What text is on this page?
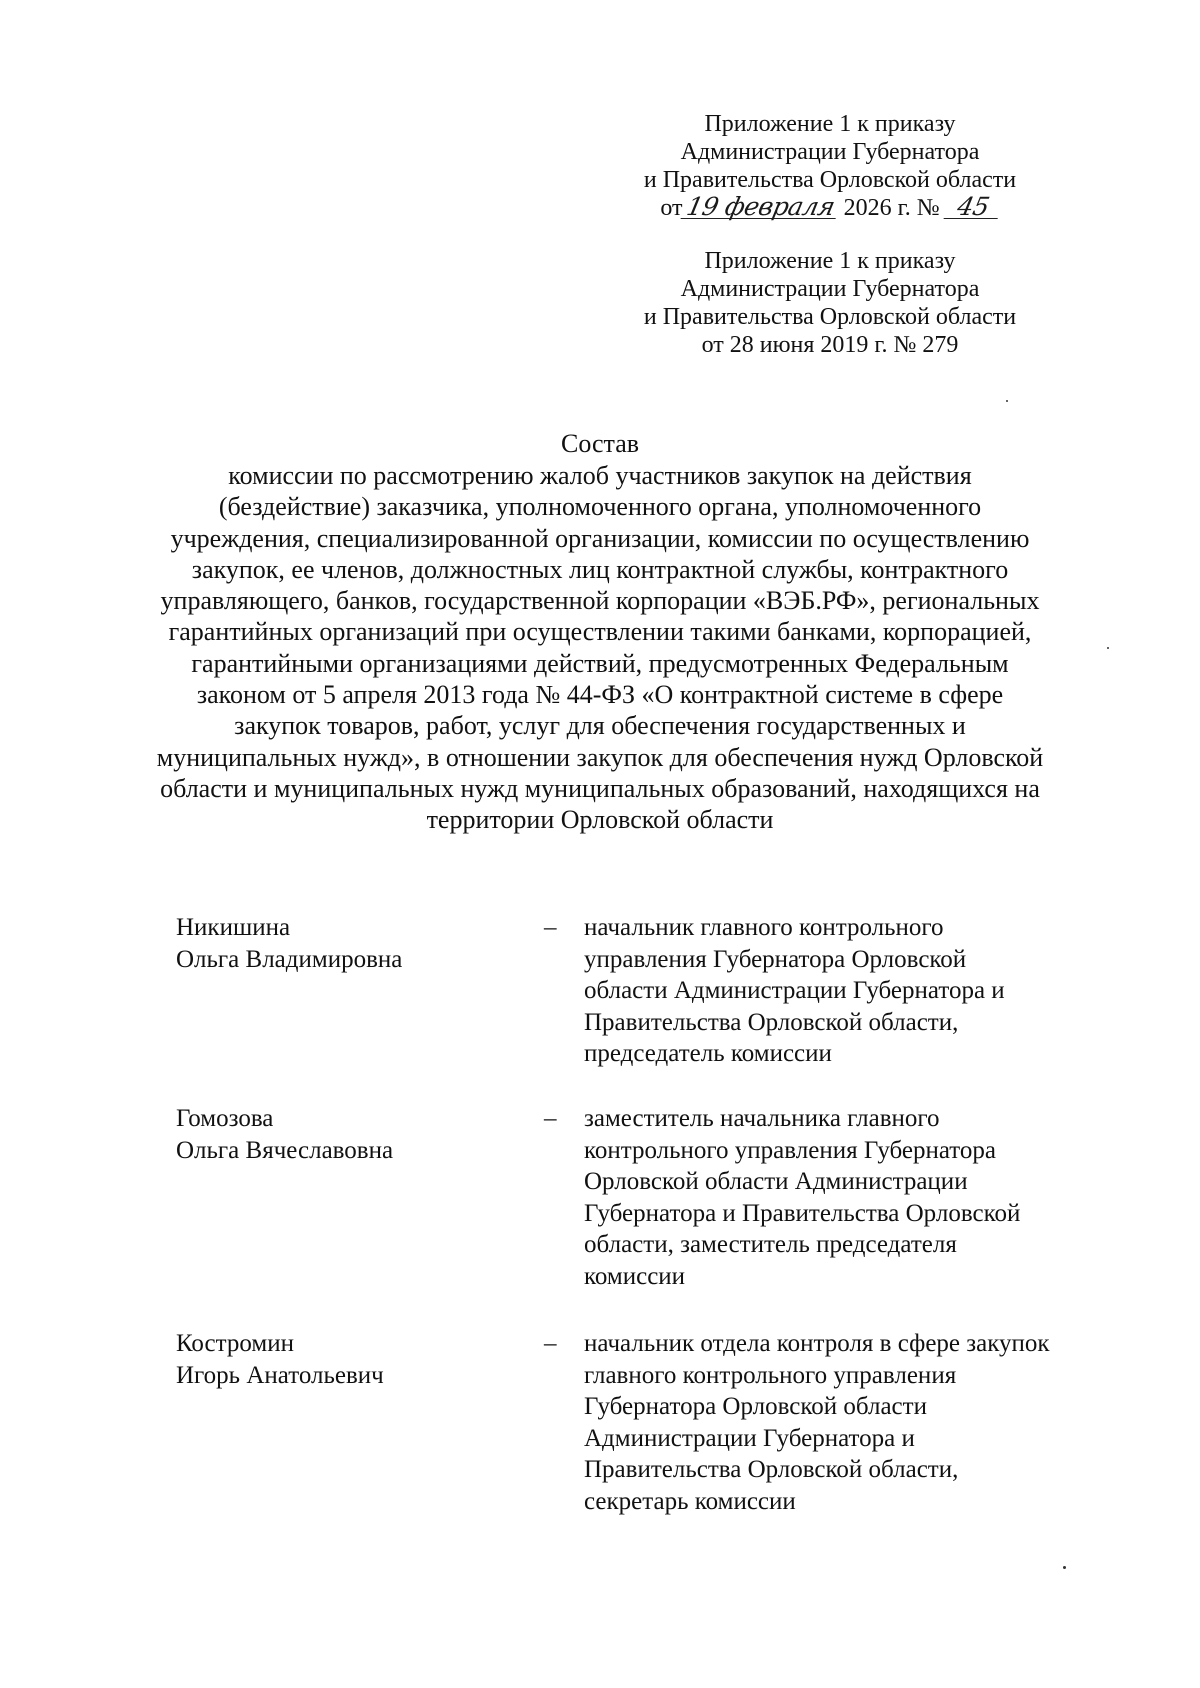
Приложение 1 к приказу
Администрации Губернатора
и Правительства Орловской области
от19 февраля 2026 г. № 45
Приложение 1 к приказу
Администрации Губернатора
и Правительства Орловской области
от 28 июня 2019 г. № 279
Состав
комиссии по рассмотрению жалоб участников закупок на действия
(бездействие) заказчика, уполномоченного органа, уполномоченного
учреждения, специализированной организации, комиссии по осуществлению
закупок, ее членов, должностных лиц контрактной службы, контрактного
управляющего, банков, государственной корпорации «ВЭБ.РФ», региональных
гарантийных организаций при осуществлении такими банками, корпорацией,
гарантийными организациями действий, предусмотренных Федеральным
законом от 5 апреля 2013 года № 44-ФЗ «О контрактной системе в сфере
закупок товаров, работ, услуг для обеспечения государственных и
муниципальных нужд», в отношении закупок для обеспечения нужд Орловской
области и муниципальных нужд муниципальных образований, находящихся на
территории Орловской области
Никишина
Ольга Владимировна
–	начальник главного контрольного
управления Губернатора Орловской
области Администрации Губернатора и
Правительства Орловской области,
председатель комиссии
Гомозова
Ольга Вячеславовна
–	заместитель начальника главного
контрольного управления Губернатора
Орловской области Администрации
Губернатора и Правительства Орловской
области, заместитель председателя
комиссии
Костромин
Игорь Анатольевич
–	начальник отдела контроля в сфере закупок
главного контрольного управления
Губернатора Орловской области
Администрации Губернатора и
Правительства Орловской области,
секретарь комиссии
